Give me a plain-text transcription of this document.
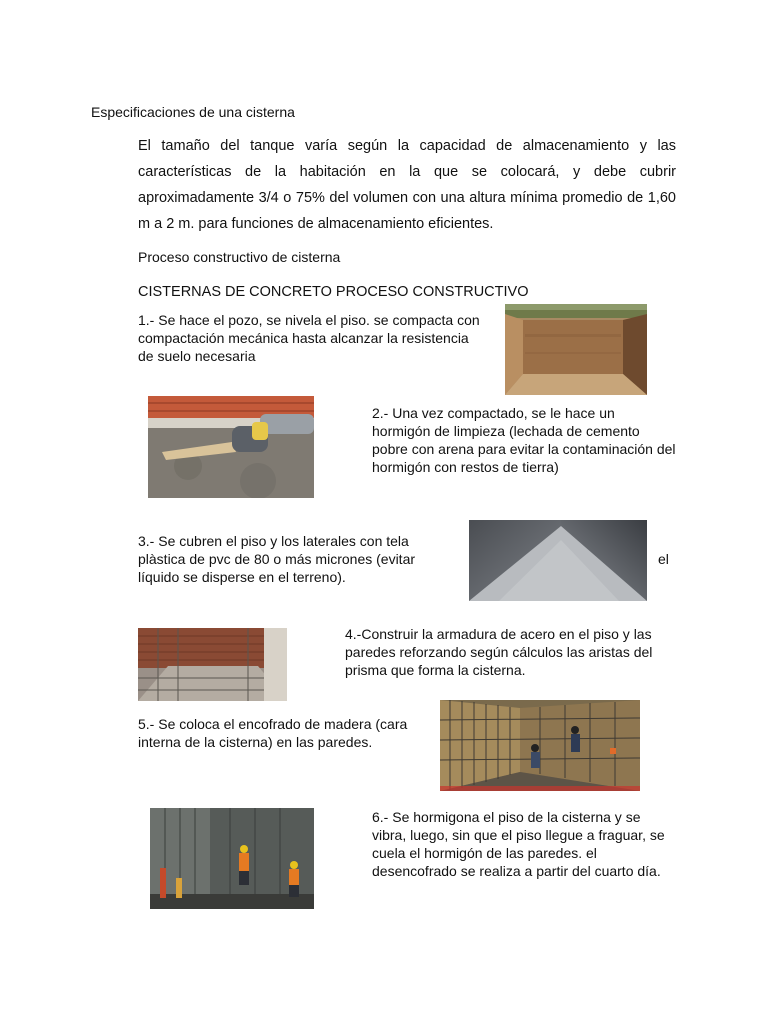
Especificaciones de una cisterna
El tamaño del tanque varía según la capacidad de almacenamiento y las características de la habitación en la que se colocará, y debe cubrir aproximadamente 3/4 o 75% del volumen con una altura mínima promedio de 1,60 m a 2 m. para funciones de almacenamiento eficientes.
Proceso constructivo de cisterna
CISTERNAS DE CONCRETO PROCESO CONSTRUCTIVO
1.- Se hace el pozo, se nivela el piso. se compacta con compactación mecánica hasta alcanzar la resistencia de suelo necesaria
2.- Una vez compactado, se le hace un hormigón de limpieza (lechada de cemento pobre con arena para evitar la contaminación del hormigón con restos de tierra)
3.- Se cubren el piso y los laterales con tela plàstica de pvc de 80 o más micrones (evitar	el
líquido se disperse en el terreno).
4.-Construir la armadura de acero en el piso y las paredes reforzando según cálculos las aristas del prisma que forma la cisterna.
5.- Se coloca el encofrado de madera (cara interna de la cisterna) en las paredes.
6.- Se hormigona el piso de la cisterna y se vibra, luego, sin que el piso llegue a fraguar, se cuela el hormigón de las paredes. el desencofrado se realiza a partir del cuarto día.
